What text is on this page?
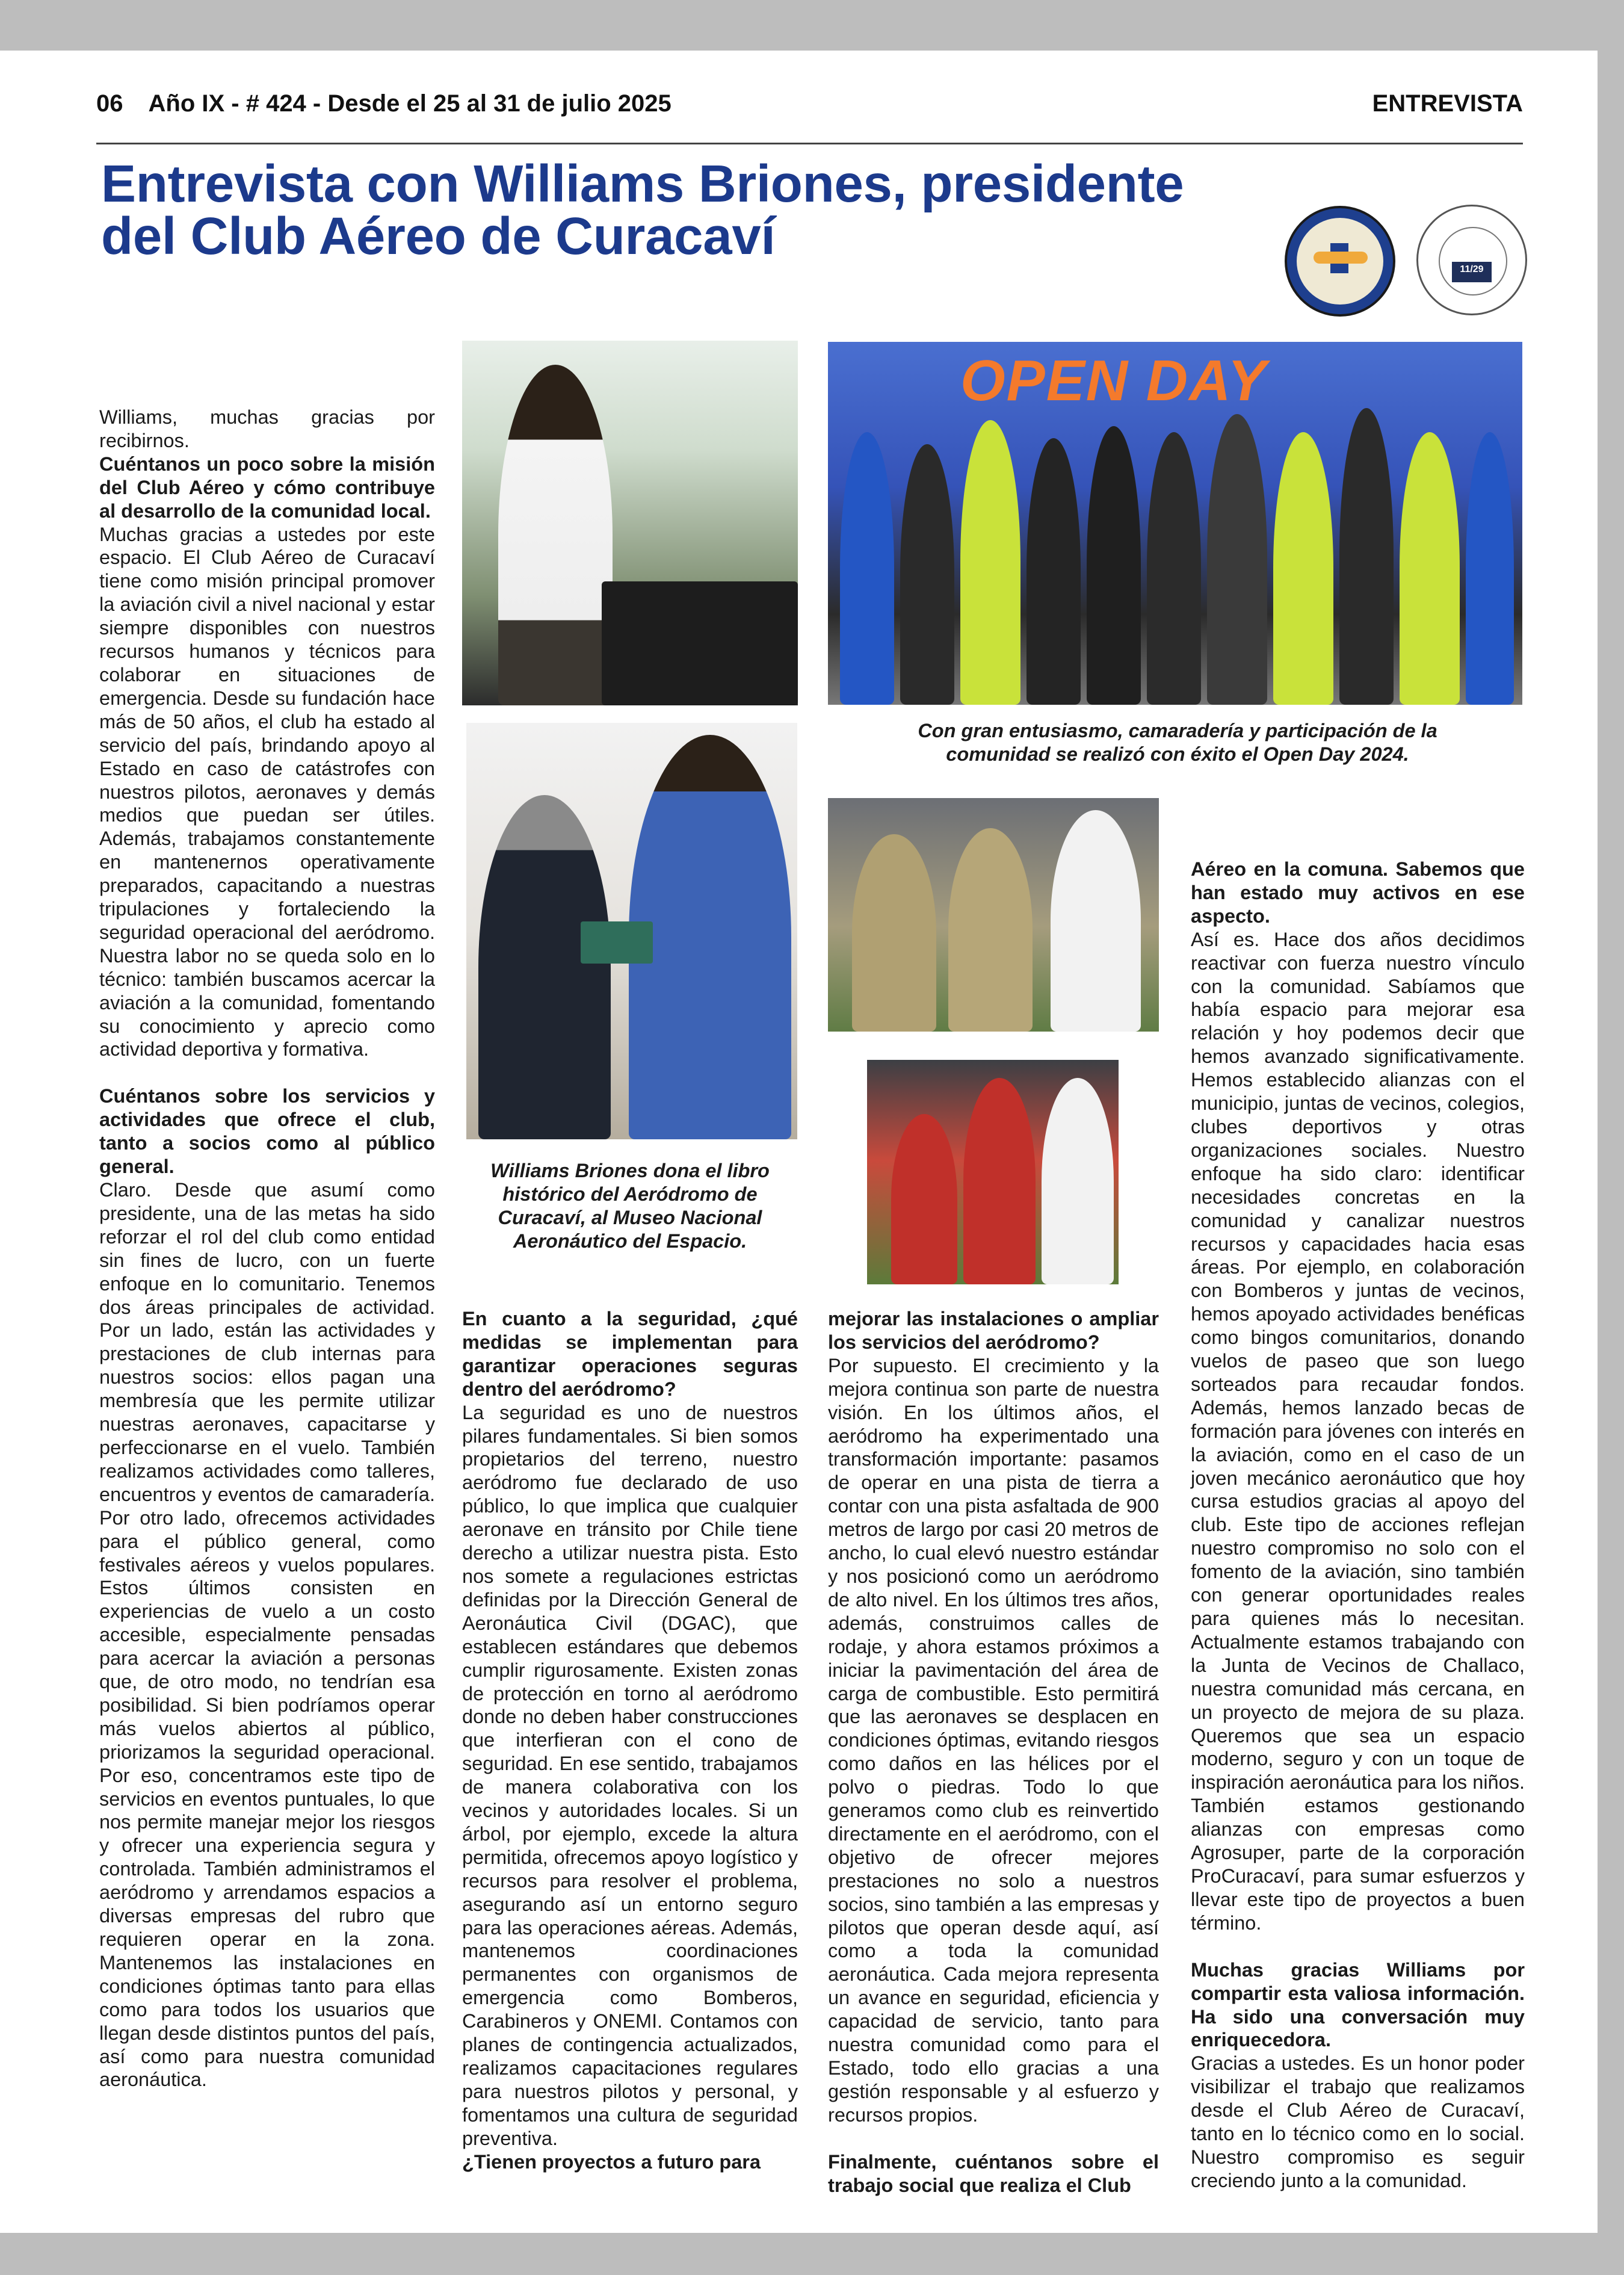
06 Año IX - # 424 - Desde el 25 al 31 de julio 2025	ENTREVISTA
Entrevista con Williams Briones, presidente
del Club Aéreo de Curacaví
11/29
OPEN DAY

Con gran entusiasmo, camaradería y participación de la comunidad se realizó con éxito el Open Day 2024.

Williams Briones dona el libro histórico del Aeródromo de Curacaví, al Museo Nacional Aeronáutico del Espacio.

Williams, muchas gracias por recibirnos.
Cuéntanos un poco sobre la misión del Club Aéreo y cómo contribuye al desarrollo de la comunidad local.
Muchas gracias a ustedes por este espacio. El Club Aéreo de Curacaví tiene como misión principal promover la aviación civil a nivel nacional y estar siempre disponibles con nuestros recursos humanos y técnicos para colaborar en situaciones de emergencia. Desde su fundación hace más de 50 años, el club ha estado al servicio del país, brindando apoyo al Estado en caso de catástrofes con nuestros pilotos, aeronaves y demás medios que puedan ser útiles. Además, trabajamos constantemente en mantenernos operativamente preparados, capacitando a nuestras tripulaciones y fortaleciendo la seguridad operacional del aeródromo. Nuestra labor no se queda solo en lo técnico: también buscamos acercar la aviación a la comunidad, fomentando su conocimiento y aprecio como actividad deportiva y formativa.
Cuéntanos sobre los servicios y actividades que ofrece el club, tanto a socios como al público general.
Claro. Desde que asumí como presidente, una de las metas ha sido reforzar el rol del club como entidad sin fines de lucro, con un fuerte enfoque en lo comunitario. Tenemos dos áreas principales de actividad. Por un lado, están las actividades y prestaciones de club internas para nuestros socios: ellos pagan una membresía que les permite utilizar nuestras aeronaves, capacitarse y perfeccionarse en el vuelo. También realizamos actividades como talleres, encuentros y eventos de camaradería. Por otro lado, ofrecemos actividades para el público general, como festivales aéreos y vuelos populares. Estos últimos consisten en experiencias de vuelo a un costo accesible, especialmente pensadas para acercar la aviación a personas que, de otro modo, no tendrían esa posibilidad. Si bien podríamos operar más vuelos abiertos al público, priorizamos la seguridad operacional. Por eso, concentramos este tipo de servicios en eventos puntuales, lo que nos permite manejar mejor los riesgos y ofrecer una experiencia segura y controlada. También administramos el aeródromo y arrendamos espacios a diversas empresas del rubro que requieren operar en la zona. Mantenemos las instalaciones en condiciones óptimas tanto para ellas como para todos los usuarios que llegan desde distintos puntos del país, así como para nuestra comunidad aeronáutica.
En cuanto a la seguridad, ¿qué medidas se implementan para garantizar operaciones seguras dentro del aeródromo?
La seguridad es uno de nuestros pilares fundamentales. Si bien somos propietarios del terreno, nuestro aeródromo fue declarado de uso público, lo que implica que cualquier aeronave en tránsito por Chile tiene derecho a utilizar nuestra pista. Esto nos somete a regulaciones estrictas definidas por la Dirección General de Aeronáutica Civil (DGAC), que establecen estándares que debemos cumplir rigurosamente. Existen zonas de protección en torno al aeródromo donde no deben haber construcciones que interfieran con el cono de seguridad. En ese sentido, trabajamos de manera colaborativa con los vecinos y autoridades locales. Si un árbol, por ejemplo, excede la altura permitida, ofrecemos apoyo logístico y recursos para resolver el problema, asegurando así un entorno seguro para las operaciones aéreas. Además, mantenemos coordinaciones permanentes con organismos de emergencia como Bomberos, Carabineros y ONEMI. Contamos con planes de contingencia actualizados, realizamos capacitaciones regulares para nuestros pilotos y personal, y fomentamos una cultura de seguridad preventiva.
¿Tienen proyectos a futuro para
mejorar las instalaciones o ampliar los servicios del aeródromo?
Por supuesto. El crecimiento y la mejora continua son parte de nuestra visión. En los últimos años, el aeródromo ha experimentado una transformación importante: pasamos de operar en una pista de tierra a contar con una pista asfaltada de 900 metros de largo por casi 20 metros de ancho, lo cual elevó nuestro estándar y nos posicionó como un aeródromo de alto nivel. En los últimos tres años, además, construimos calles de rodaje, y ahora estamos próximos a iniciar la pavimentación del área de carga de combustible. Esto permitirá que las aeronaves se desplacen en condiciones óptimas, evitando riesgos como daños en las hélices por el polvo o piedras. Todo lo que generamos como club es reinvertido directamente en el aeródromo, con el objetivo de ofrecer mejores prestaciones no solo a nuestros socios, sino también a las empresas y pilotos que operan desde aquí, así como a toda la comunidad aeronáutica. Cada mejora representa un avance en seguridad, eficiencia y capacidad de servicio, tanto para nuestra comunidad como para el Estado, todo ello gracias a una gestión responsable y al esfuerzo y recursos propios.
Finalmente, cuéntanos sobre el trabajo social que realiza el Club
Aéreo en la comuna. Sabemos que han estado muy activos en ese aspecto.
Así es. Hace dos años decidimos reactivar con fuerza nuestro vínculo con la comunidad. Sabíamos que había espacio para mejorar esa relación y hoy podemos decir que hemos avanzado significativamente. Hemos establecido alianzas con el municipio, juntas de vecinos, colegios, clubes deportivos y otras organizaciones sociales. Nuestro enfoque ha sido claro: identificar necesidades concretas en la comunidad y canalizar nuestros recursos y capacidades hacia esas áreas. Por ejemplo, en colaboración con Bomberos y juntas de vecinos, hemos apoyado actividades benéficas como bingos comunitarios, donando vuelos de paseo que son luego sorteados para recaudar fondos. Además, hemos lanzado becas de formación para jóvenes con interés en la aviación, como en el caso de un joven mecánico aeronáutico que hoy cursa estudios gracias al apoyo del club. Este tipo de acciones reflejan nuestro compromiso no solo con el fomento de la aviación, sino también con generar oportunidades reales para quienes más lo necesitan. Actualmente estamos trabajando con la Junta de Vecinos de Challaco, nuestra comunidad más cercana, en un proyecto de mejora de su plaza. Queremos que sea un espacio moderno, seguro y con un toque de inspiración aeronáutica para los niños. También estamos gestionando alianzas con empresas como Agrosuper, parte de la corporación ProCuracaví, para sumar esfuerzos y llevar este tipo de proyectos a buen término.
Muchas gracias Williams por compartir esta valiosa información. Ha sido una conversación muy enriquecedora.
Gracias a ustedes. Es un honor poder visibilizar el trabajo que realizamos desde el Club Aéreo de Curacaví, tanto en lo técnico como en lo social. Nuestro compromiso es seguir creciendo junto a la comunidad.
